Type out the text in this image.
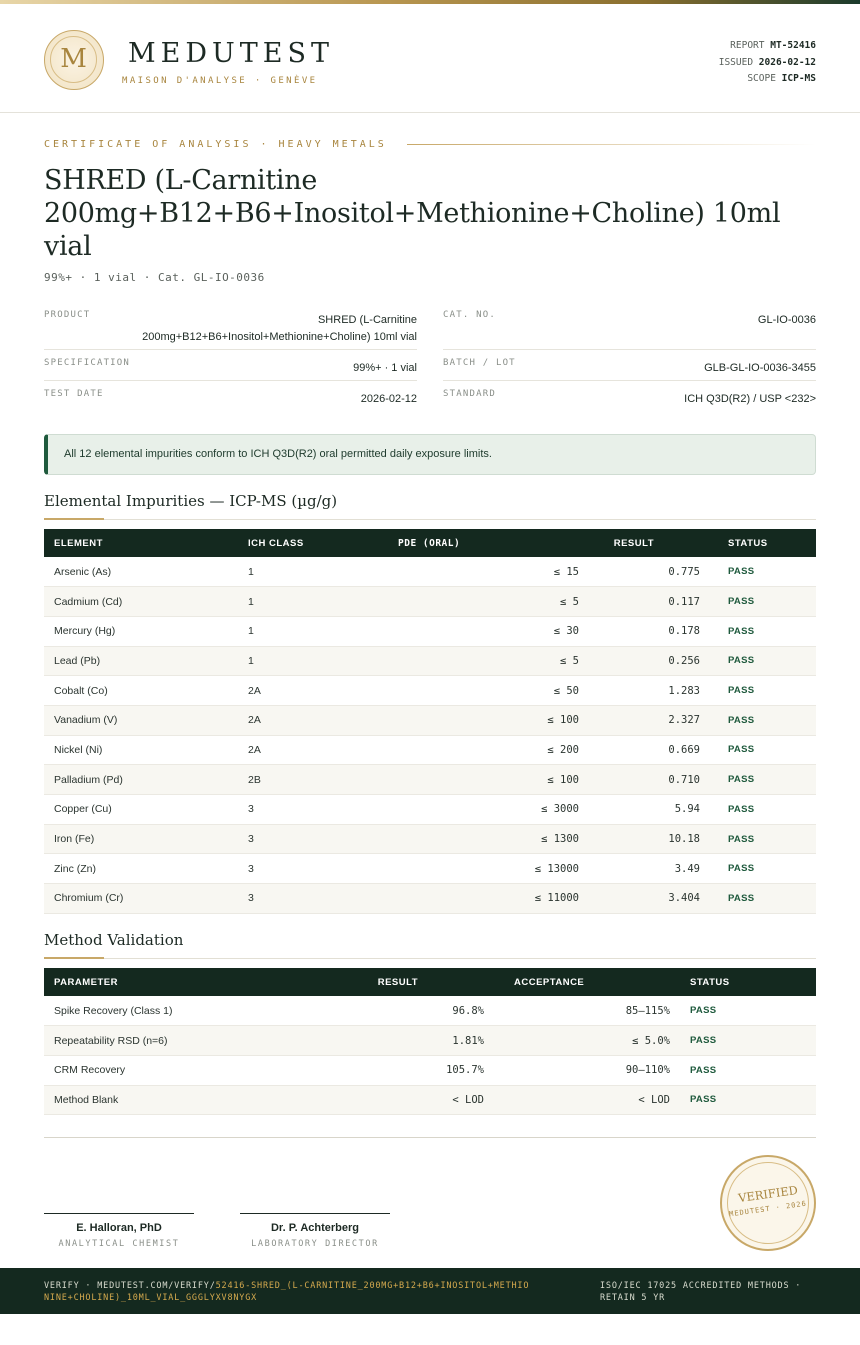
M	MEDUTEST
MAISON D'ANALYSE · GENÈVE
REPORT MT-52416
ISSUED 2026-02-12
SCOPE ICP-MS
CERTIFICATE OF ANALYSIS · HEAVY METALS
SHRED (L-Carnitine 200mg+B12+B6+Inositol+Methionine+Choline) 10ml vial
99%+ · 1 vial · Cat. GL-IO-0036
PRODUCT	SHRED (L-Carnitine
200mg+B12+B6+Inositol+Methionine+Choline) 10ml vial
CAT. NO.	GL-IO-0036
SPECIFICATION	99%+ · 1 vial	BATCH / LOT	GLB-GL-IO-0036-3455
TEST DATE	2026-02-12	STANDARD	ICH Q3D(R2) / USP <232>
All 12 elemental impurities conform to ICH Q3D(R2) oral permitted daily exposure limits.
Elemental Impurities — ICP-MS (µg/g)
ELEMENT	ICH CLASS	PDE (ORAL)	RESULT	STATUS
Arsenic (As)	1	≤ 15	0.775	PASS
Cadmium (Cd)	1	≤ 5	0.117	PASS
Mercury (Hg)	1	≤ 30	0.178	PASS
Lead (Pb)	1	≤ 5	0.256	PASS
Cobalt (Co)	2A	≤ 50	1.283	PASS
Vanadium (V)	2A	≤ 100	2.327	PASS
Nickel (Ni)	2A	≤ 200	0.669	PASS
Palladium (Pd)	2B	≤ 100	0.710	PASS
Copper (Cu)	3	≤ 3000	5.94	PASS
Iron (Fe)	3	≤ 1300	10.18	PASS
Zinc (Zn)	3	≤ 13000	3.49	PASS
Chromium (Cr)	3	≤ 11000	3.404	PASS
Method Validation
PARAMETER	RESULT	ACCEPTANCE	STATUS
Spike Recovery (Class 1)	96.8%	85–115%	PASS
Repeatability RSD (n=6)	1.81%	≤ 5.0%	PASS
CRM Recovery	105.7%	90–110%	PASS
Method Blank	< LOD	< LOD	PASS
E. Halloran, PhD
ANALYTICAL CHEMIST
Dr. P. Achterberg
LABORATORY DIRECTOR
VERIFIED
MEDUTEST · 2026
VERIFY · MEDUTEST.COM/VERIFY/52416-SHRED_(L-CARNITINE_200MG+B12+B6+INOSITOL+METHIONINE+CHOLINE)_10ML_VIAL_GGGLYXV8NYGX
ISO/IEC 17025 ACCREDITED METHODS · RETAIN 5 YR
